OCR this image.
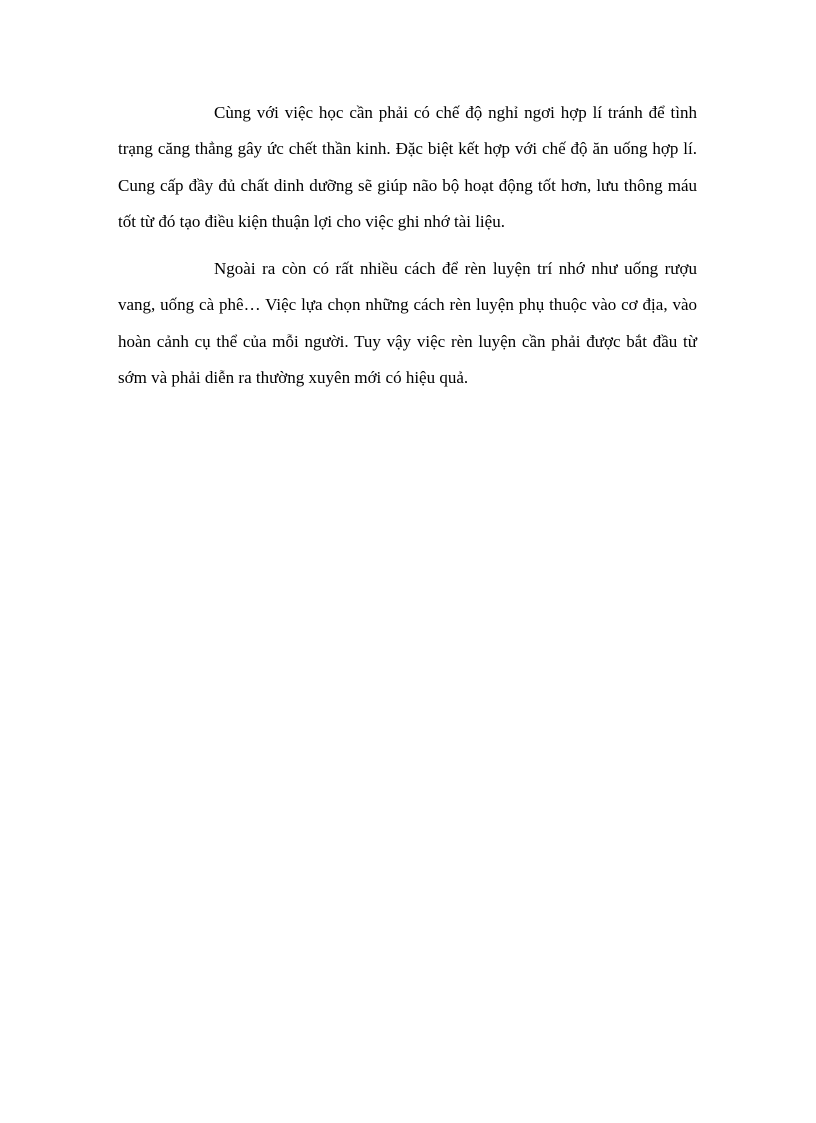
Cùng với việc học cần phải có chế độ nghỉ ngơi hợp lí tránh để tình trạng căng thẳng gây ức chết thần kinh. Đặc biệt kết hợp với chế độ ăn uống hợp lí. Cung cấp đầy đủ chất dinh dưỡng sẽ giúp não bộ hoạt động tốt hơn, lưu thông máu tốt từ đó tạo điều kiện thuận lợi cho việc ghi nhớ tài liệu.

Ngoài ra còn có rất nhiều cách để rèn luyện trí nhớ như uống rượu vang, uống cà phê… Việc lựa chọn những cách rèn luyện phụ thuộc vào cơ địa, vào hoàn cảnh cụ thể của mỗi người. Tuy vậy việc rèn luyện cần phải được bắt đầu từ sớm và phải diễn ra thường xuyên mới có hiệu quả.
